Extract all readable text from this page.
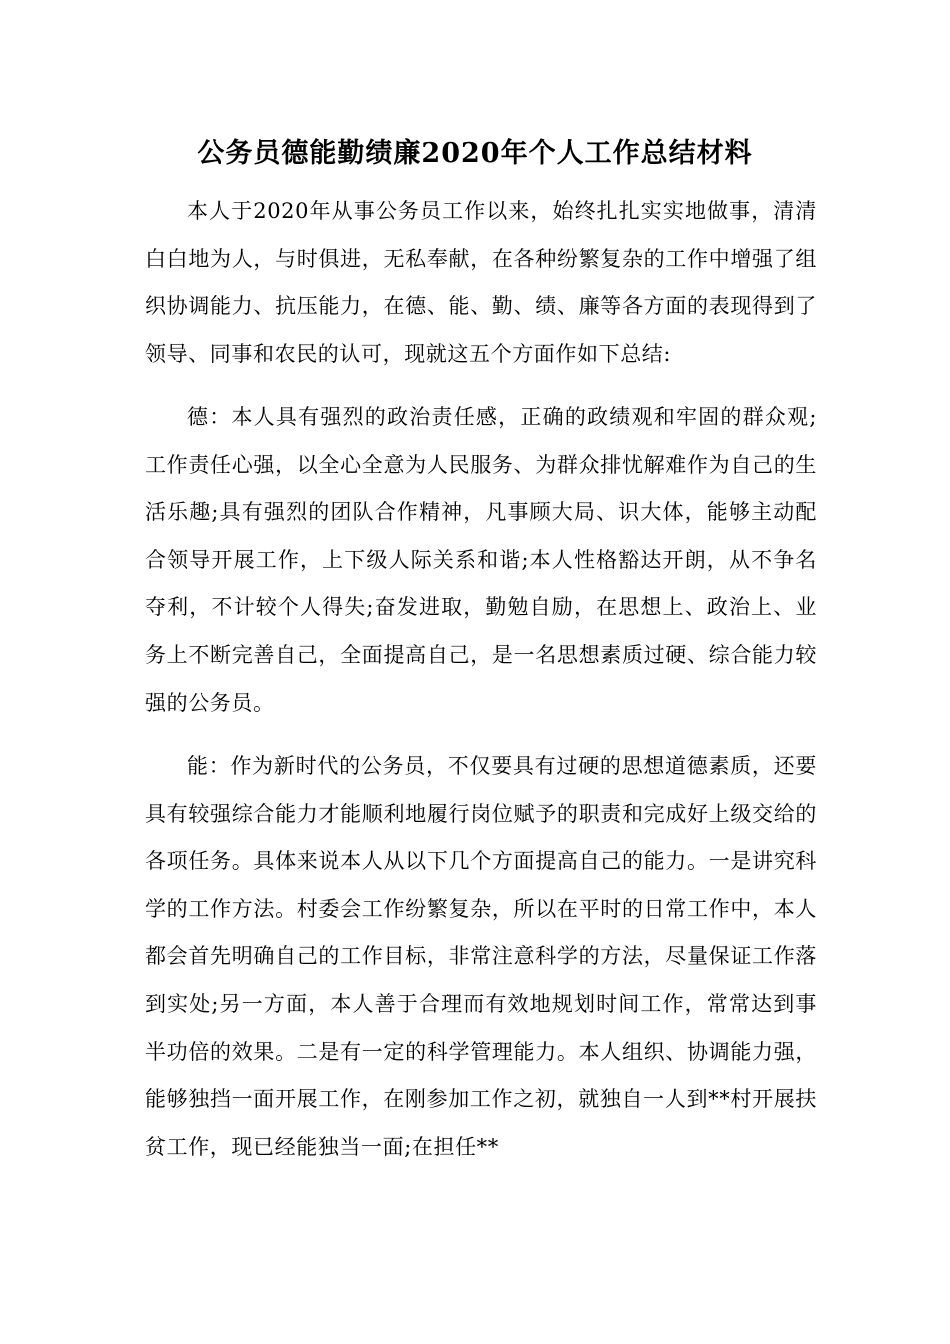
公务员德能勤绩廉2020年个人工作总结材料

本人于2020年从事公务员工作以来，始终扎扎实实地做事，清清白白地为人，与时俱进，无私奉献，在各种纷繁复杂的工作中增强了组织协调能力、抗压能力，在德、能、勤、绩、廉等各方面的表现得到了领导、同事和农民的认可，现就这五个方面作如下总结:

德：本人具有强烈的政治责任感，正确的政绩观和牢固的群众观;工作责任心强，以全心全意为人民服务、为群众排忧解难作为自己的生活乐趣;具有强烈的团队合作精神，凡事顾大局、识大体，能够主动配合领导开展工作，上下级人际关系和谐;本人性格豁达开朗，从不争名夺利，不计较个人得失;奋发进取，勤勉自励，在思想上、政治上、业务上不断完善自己，全面提高自己，是一名思想素质过硬、综合能力较强的公务员。

能：作为新时代的公务员，不仅要具有过硬的思想道德素质，还要具有较强综合能力才能顺利地履行岗位赋予的职责和完成好上级交给的各项任务。具体来说本人从以下几个方面提高自己的能力。一是讲究科学的工作方法。村委会工作纷繁复杂，所以在平时的日常工作中，本人都会首先明确自己的工作目标，非常注意科学的方法，尽量保证工作落到实处;另一方面，本人善于合理而有效地规划时间工作，常常达到事半功倍的效果。二是有一定的科学管理能力。本人组织、协调能力强，能够独挡一面开展工作，在刚参加工作之初，就独自一人到**村开展扶贫工作，现已经能独当一面;在担任**
